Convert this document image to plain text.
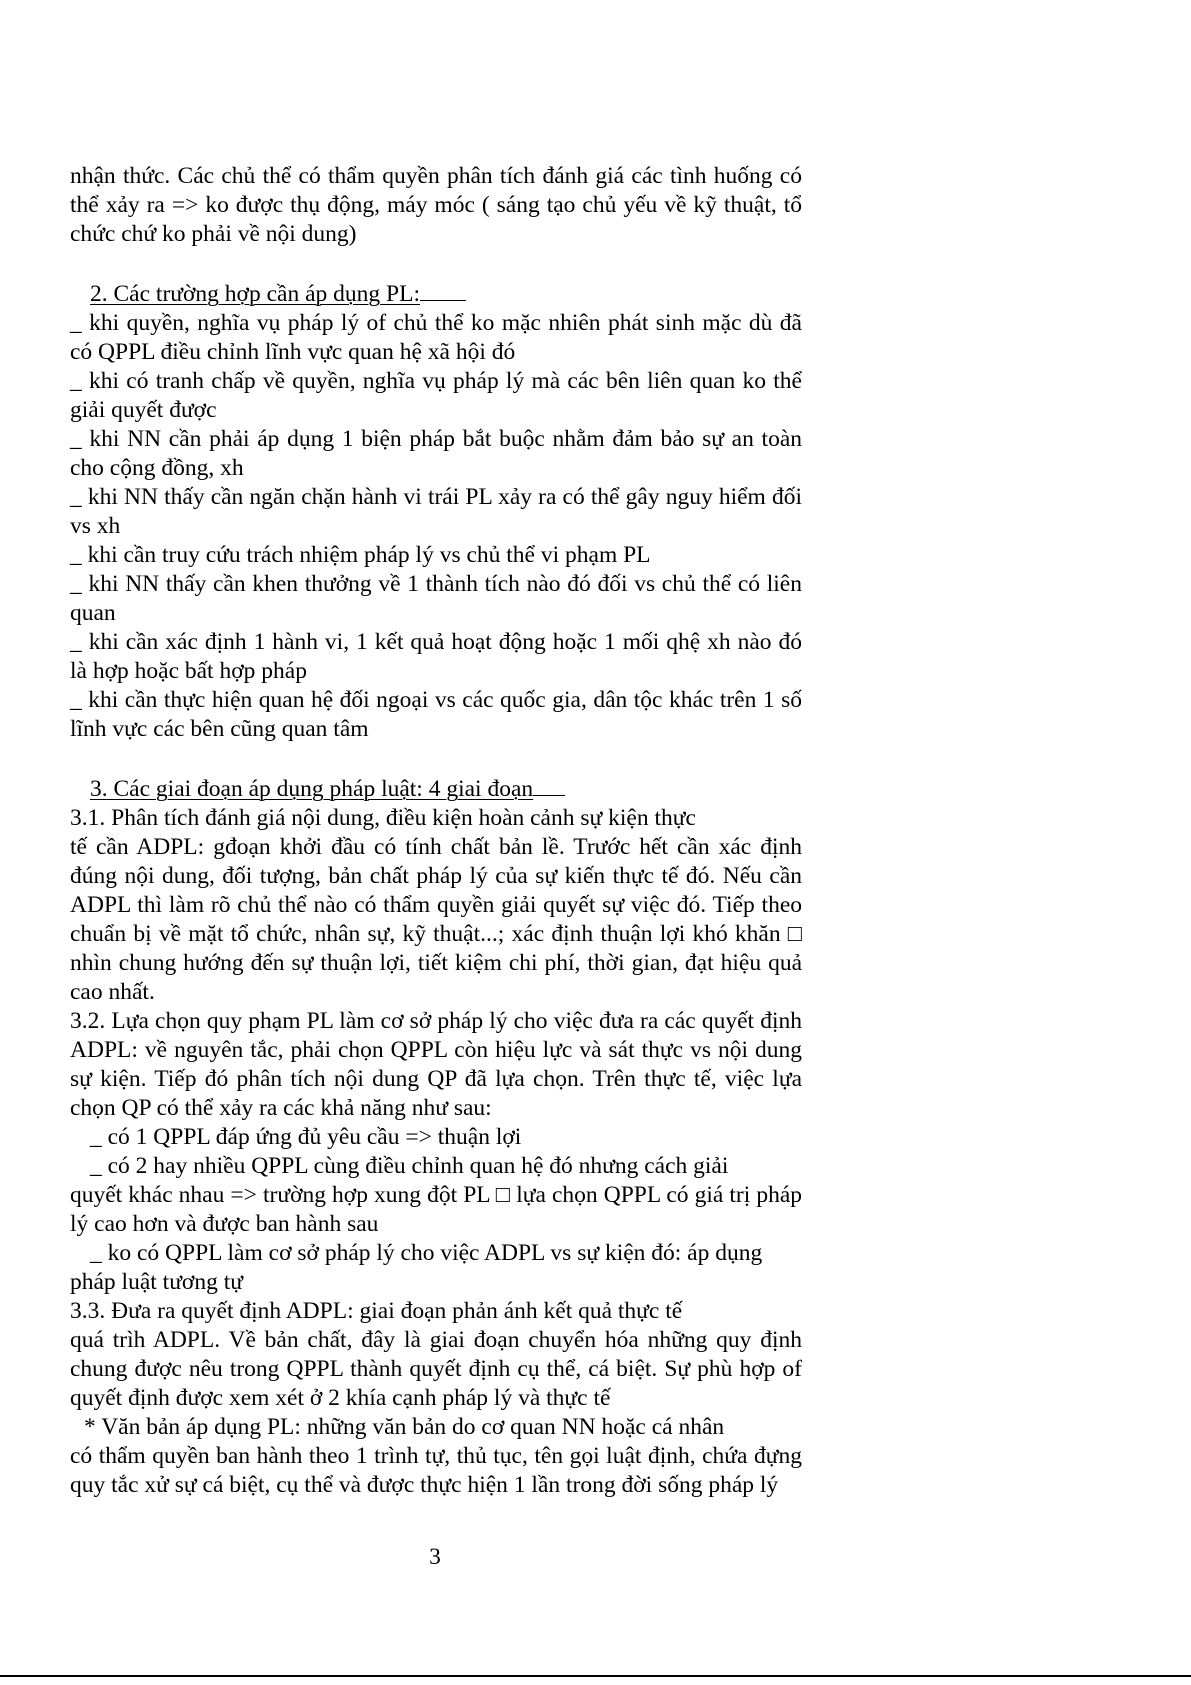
nhận thức. Các chủ thể có thẩm quyền phân tích đánh giá các tình huống có thể xảy ra => ko được thụ động, máy móc ( sáng tạo chủ yếu về kỹ thuật, tổ chức chứ ko phải về nội dung)

2. Các trường hợp cần áp dụng PL:

_ khi quyền, nghĩa vụ pháp lý of chủ thể ko mặc nhiên phát sinh mặc dù đã có QPPL điều chỉnh lĩnh vực quan hệ xã hội đó

_ khi có tranh chấp về quyền, nghĩa vụ pháp lý mà các bên liên quan ko thể giải quyết được

_ khi NN cần phải áp dụng 1 biện pháp bắt buộc nhằm đảm bảo sự an toàn cho cộng đồng, xh

_ khi NN thấy cần ngăn chặn hành vi trái PL xảy ra có thể gây nguy hiểm đối vs xh

_ khi cần truy cứu trách nhiệm pháp lý vs chủ thể vi phạm PL

_ khi NN thấy cần khen thưởng về 1 thành tích nào đó đối vs chủ thể có liên quan

_ khi cần xác định 1 hành vi, 1 kết quả hoạt động hoặc 1 mối qhệ xh nào đó là hợp hoặc bất hợp pháp

_ khi cần thực hiện quan hệ đối ngoại vs các quốc gia, dân tộc khác trên 1 số lĩnh vực các bên cũng quan tâm

3. Các giai đoạn áp dụng pháp luật: 4 giai đoạn

3.1. Phân tích đánh giá nội dung, điều kiện hoàn cảnh sự kiện thực

tế cần ADPL: gđoạn khởi đầu có tính chất bản lề. Trước hết cần xác định đúng nội dung, đối tượng, bản chất pháp lý của sự kiến thực tế đó. Nếu cần ADPL thì làm rõ chủ thể nào có thẩm quyền giải quyết sự việc đó. Tiếp theo chuẩn bị về mặt tổ chức, nhân sự, kỹ thuật...; xác định thuận lợi khó khăn □ nhìn chung hướng đến sự thuận lợi, tiết kiệm chi phí, thời gian, đạt hiệu quả cao nhất.

3.2. Lựa chọn quy phạm PL làm cơ sở pháp lý cho việc đưa ra các quyết định ADPL: về nguyên tắc, phải chọn QPPL còn hiệu lực và sát thực vs nội dung sự kiện. Tiếp đó phân tích nội dung QP đã lựa chọn. Trên thực tế, việc lựa chọn QP có thể xảy ra các khả năng như sau:

_ có 1 QPPL đáp ứng đủ yêu cầu => thuận lợi

_ có 2 hay nhiều QPPL cùng điều chỉnh quan hệ đó nhưng cách giải

quyết khác nhau => trường hợp xung đột PL □ lựa chọn QPPL có giá trị pháp lý cao hơn và được ban hành sau

_ ko có QPPL làm cơ sở pháp lý cho việc ADPL vs sự kiện đó: áp dụng

pháp luật tương tự

3.3. Đưa ra quyết định ADPL: giai đoạn phản ánh kết quả thực tế

quá trìh ADPL. Về bản chất, đây là giai đoạn chuyển hóa những quy định chung được nêu trong QPPL thành quyết định cụ thể, cá biệt. Sự phù hợp of quyết định được xem xét ở 2 khía cạnh pháp lý và thực tế

* Văn bản áp dụng PL: những văn bản do cơ quan NN hoặc cá nhân

có thẩm quyền ban hành theo 1 trình tự, thủ tục, tên gọi luật định, chứa đựng quy tắc xử sự cá biệt, cụ thể và được thực hiện 1 lần trong đời sống pháp lý

3
